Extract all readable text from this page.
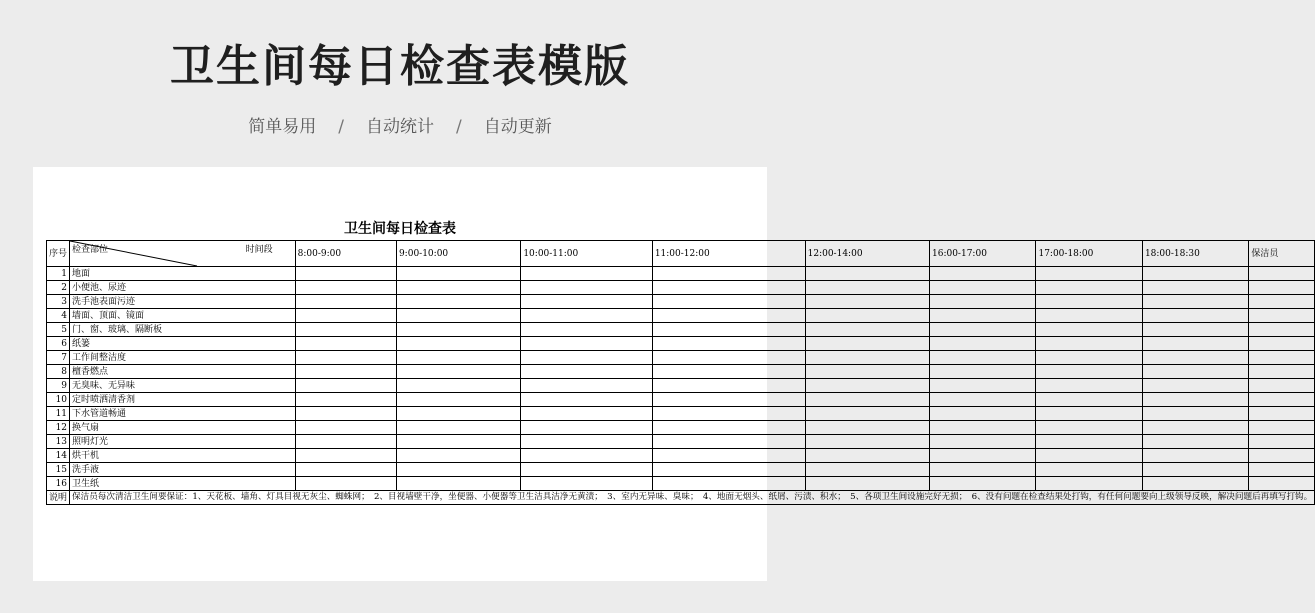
卫生间每日检查表模版
简单易用 / 自动统计 / 自动更新
卫生间每日检查表
序号	检查部位 时间段	8:00-9:00	9:00-10:00	10:00-11:00	11:00-12:00	12:00-14:00	16:00-17:00	17:00-18:00	18:00-18:30	保洁员
1	地面									
2	小便池、尿迹									
3	洗手池表面污迹									
4	墙面、顶面、镜面									
5	门、窗、玻璃、隔断板									
6	纸篓									
7	工作间整洁度									
8	檀香燃点									
9	无臭味、无异味									
10	定时喷洒清香剂									
11	下水管道畅通									
12	换气扇									
13	照明灯光									
14	烘干机									
15	洗手液									
16	卫生纸									
说明	保洁员每次清洁卫生间要保证：1、天花板、墙角、灯具目视无灰尘、蜘蛛网；　2、目视墙壁干净，坐便器、小便器等卫生洁具洁净无黄渍；　3、室内无异味、臭味；　4、地面无烟头、纸屑、污渍、积水；　5、各项卫生间设施完好无损；　6、没有问题在检查结果处打钩，有任何问题要向上级领导反映，解决问题后再填写打钩。									
